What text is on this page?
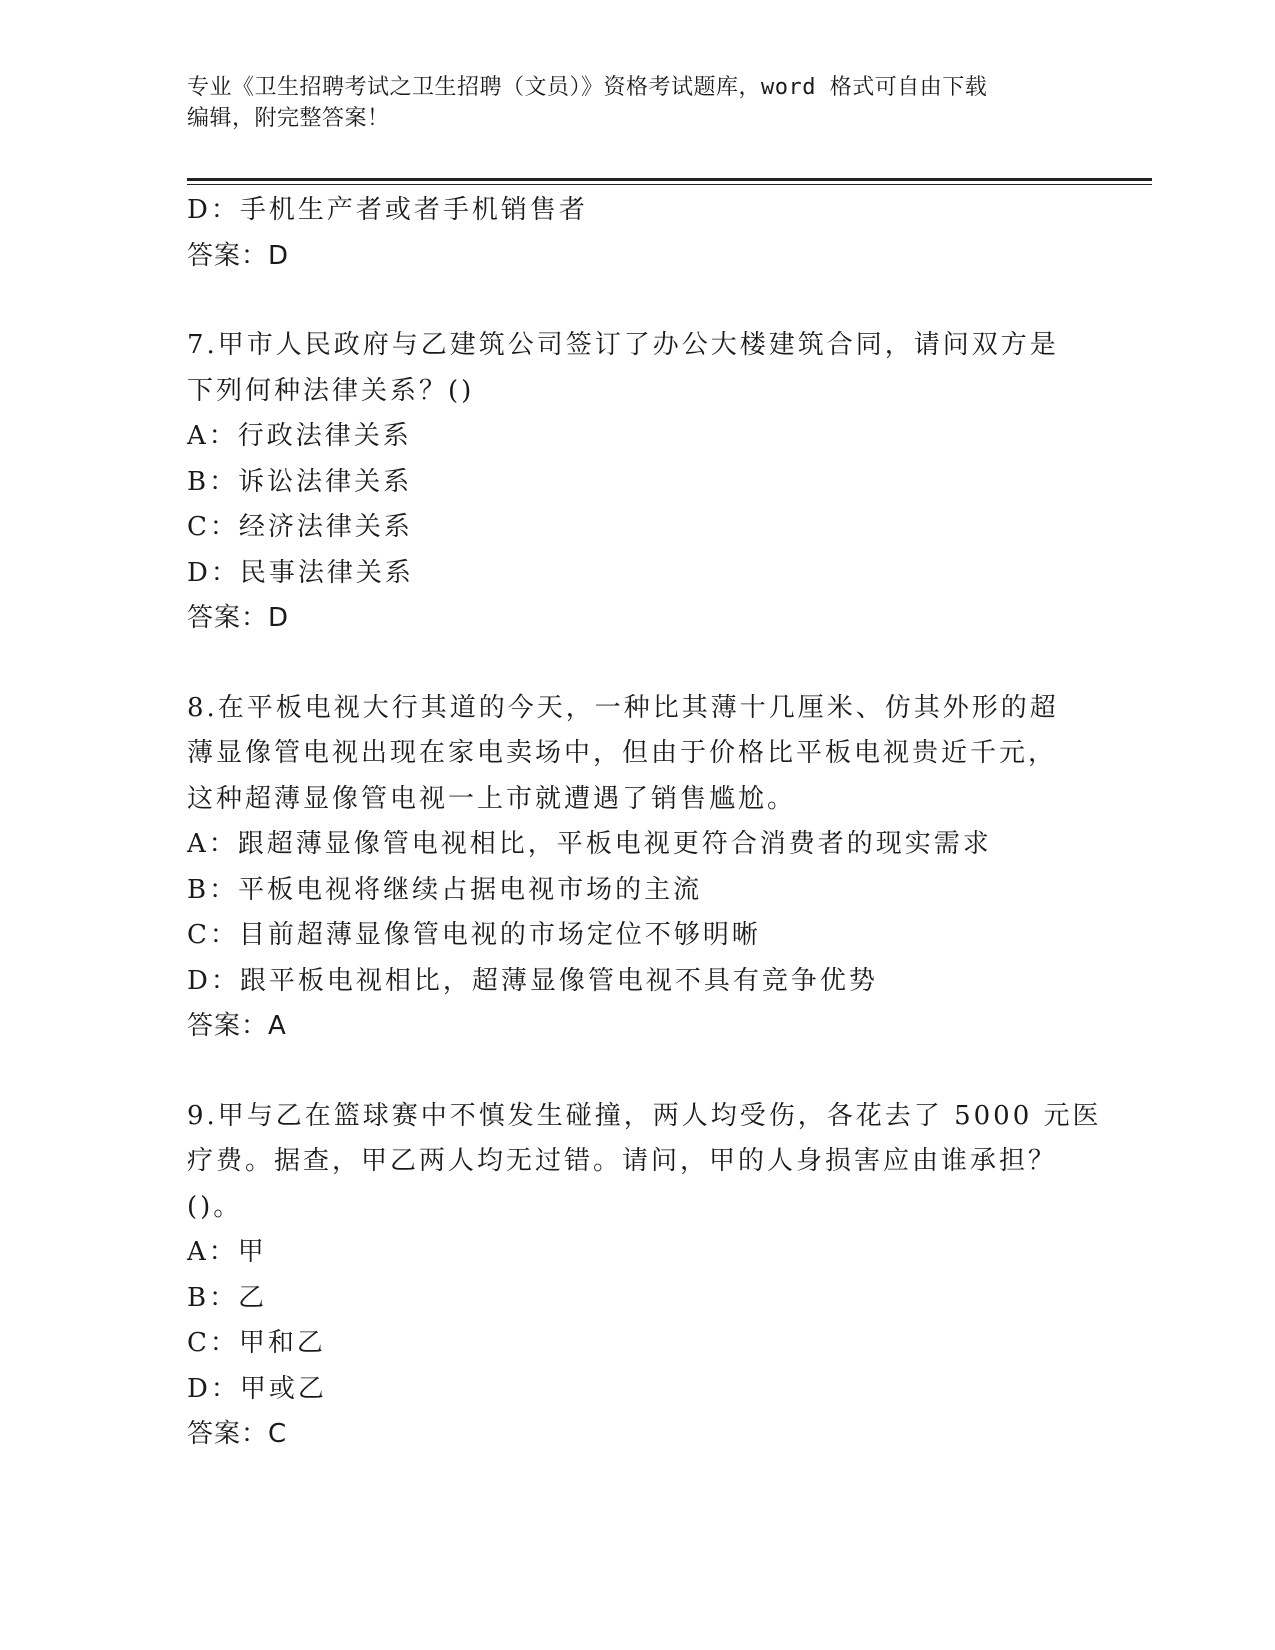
专业《卫生招聘考试之卫生招聘（文员）》资格考试题库，word 格式可自由下载
编辑，附完整答案！
D：手机生产者或者手机销售者
答案：D
7.甲市人民政府与乙建筑公司签订了办公大楼建筑合同，请问双方是
下列何种法律关系？()
A：行政法律关系
B：诉讼法律关系
C：经济法律关系
D：民事法律关系
答案：D
8.在平板电视大行其道的今天，一种比其薄十几厘米、仿其外形的超
薄显像管电视出现在家电卖场中，但由于价格比平板电视贵近千元，
这种超薄显像管电视一上市就遭遇了销售尴尬。
A：跟超薄显像管电视相比，平板电视更符合消费者的现实需求
B：平板电视将继续占据电视市场的主流
C：目前超薄显像管电视的市场定位不够明晰
D：跟平板电视相比，超薄显像管电视不具有竞争优势
答案：A
9.甲与乙在篮球赛中不慎发生碰撞，两人均受伤，各花去了 5000 元医
疗费。据查，甲乙两人均无过错。请问，甲的人身损害应由谁承担？
()。
A：甲
B：乙
C：甲和乙
D：甲或乙
答案：C
